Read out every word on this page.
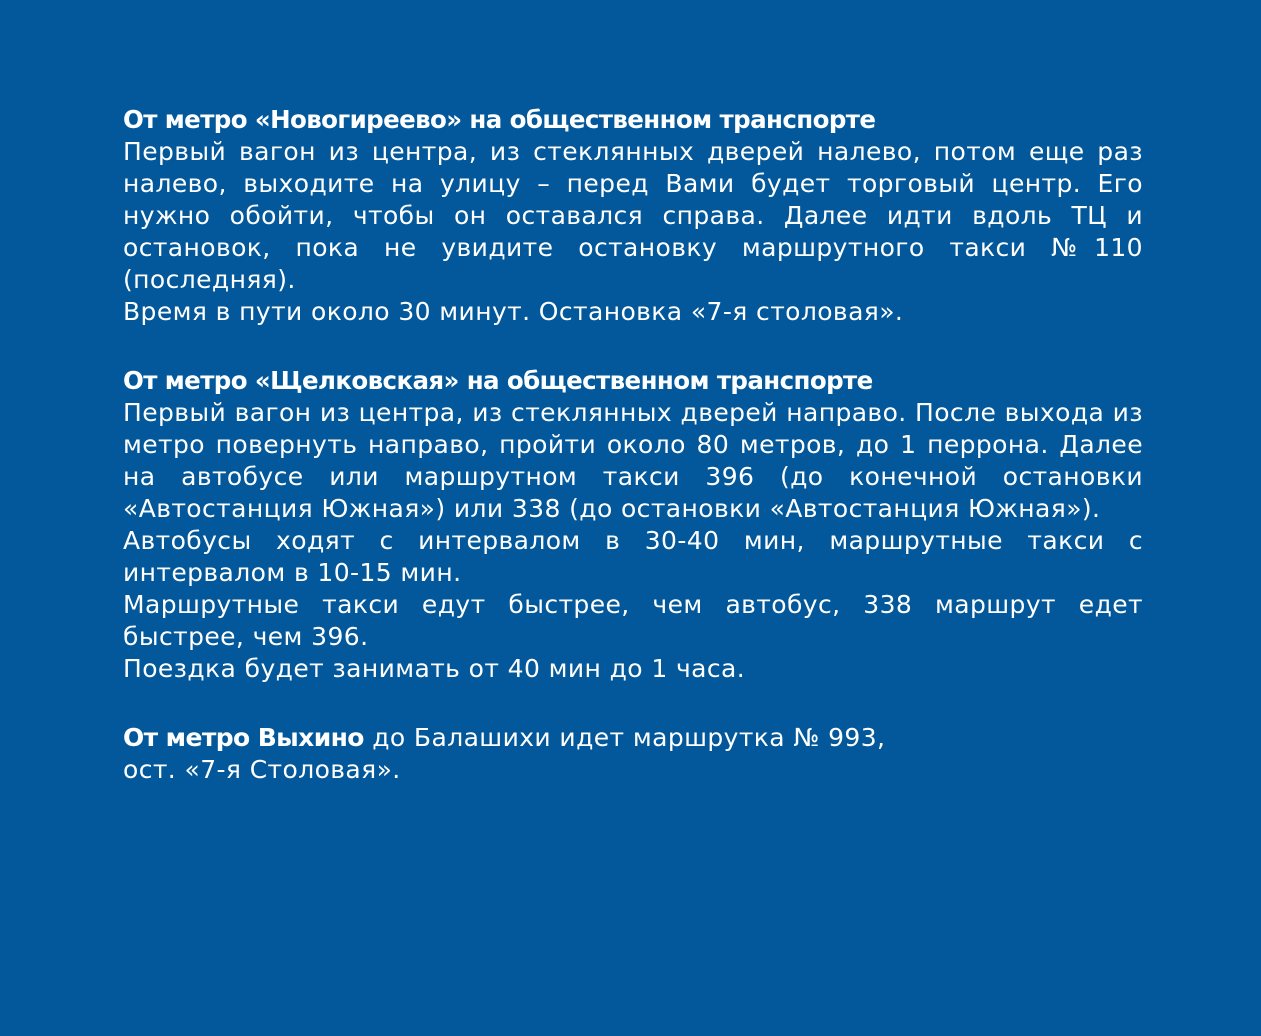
От метро «Новогиреево» на общественном транспорте

Первый вагон из центра, из стеклянных дверей налево, потом еще раз налево, выходите на улицу – перед Вами будет торговый центр. Его нужно обойти, чтобы он оставался справа. Далее идти вдоль ТЦ и остановок, пока не увидите остановку маршрутного такси №110 (последняя).

Время в пути около 30 минут. Остановка «7-я столовая».

От метро «Щелковская» на общественном транспорте

Первый вагон из центра, из стеклянных дверей направо. После выхода из метро повернуть направо, пройти около 80 метров, до 1 перрона. Далее на автобусе или маршрутном такси 396 (до конечной остановки «Автостанция Южная») или 338 (до остановки «Автостанция Южная»).

Автобусы ходят с интервалом в 30-40 мин, маршрутные такси с интервалом в 10-15 мин.

Маршрутные такси едут быстрее, чем автобус, 338 маршрут едет быстрее, чем 396.

Поездка будет занимать от 40 мин до 1 часа.

От метро Выхино до Балашихи идет маршрутка № 993,

ост. «7-я Столовая».
